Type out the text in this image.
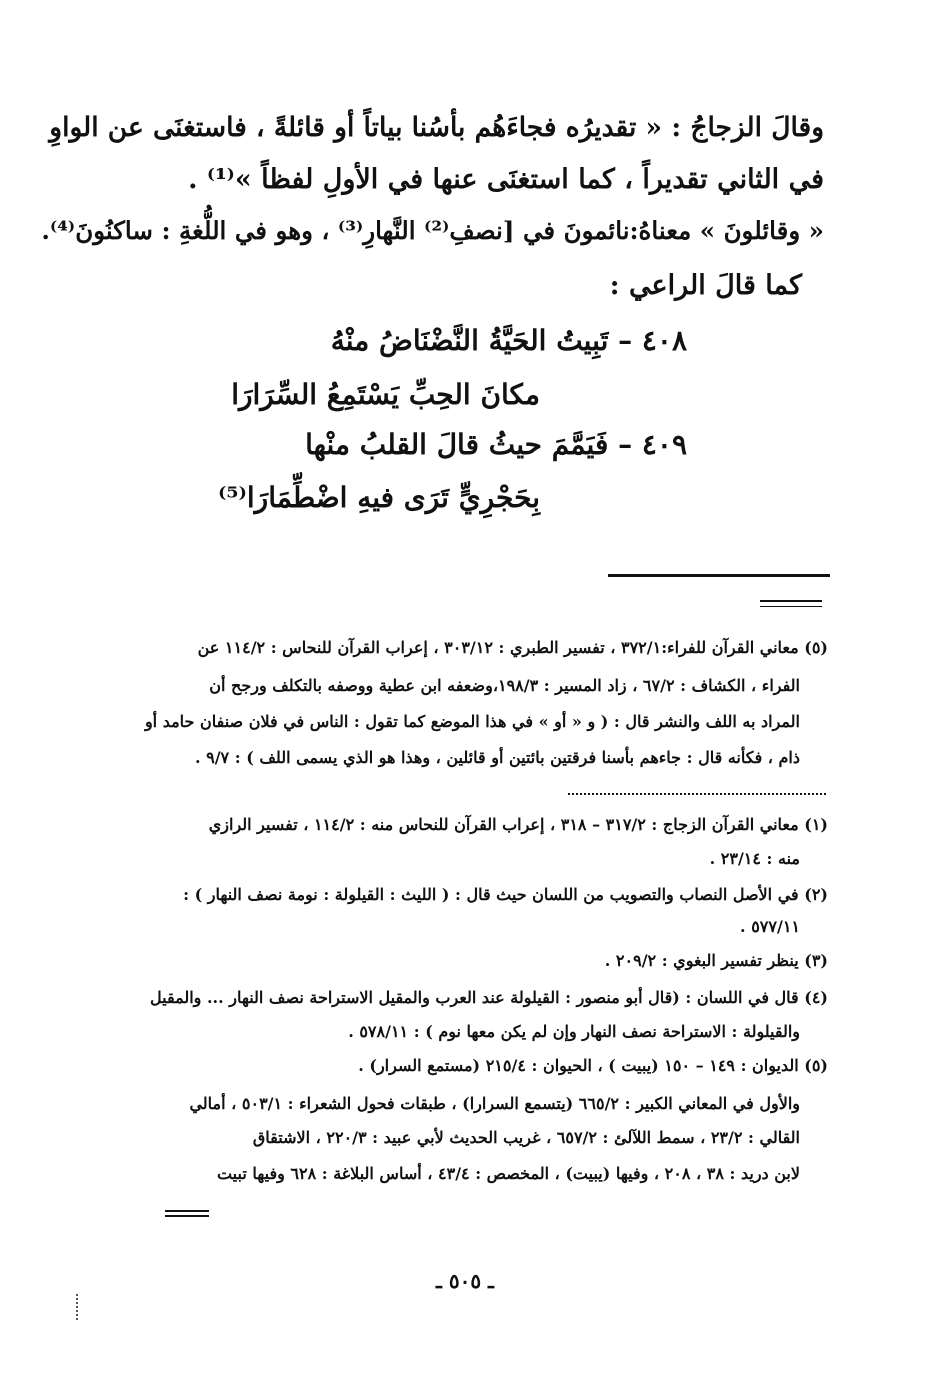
وقالَ الزجاجُ : « تقديرُه فجاءَهُم بأسُنا بياتاً أو قائلةً ، فاستغنَى عن الواوِ
في الثاني تقديراً ، كما استغنَى عنها في الأولِ لفظاً »⁽¹⁾ .
« وقائلونَ » معناهُ:نائمونَ في [نصفِ⁽²⁾ النَّهارِ⁽³⁾ ، وهو في اللُّغةِ : ساكنُونَ⁽⁴⁾.
كما قالَ الراعي :
٤٠٨ – تَبِيتُ الحَيَّةُ النَّضْنَاضُ منْهُ
مكانَ الحِبِّ يَسْتَمِعُ السِّرَارَا
٤٠٩ – فَيَمَّمَ حيثُ قالَ القلبُ منْها
بِحَجْرِيٍّ تَرَى فيهِ اضْطِّمَارَا⁽⁵⁾
(٥) معاني القرآن للفراء:٣٧٢/١ ، تفسير الطبري : ٣٠٣/١٢ ، إعراب القرآن للنحاس : ١١٤/٢ عن
الفراء ، الكشاف : ٦٧/٢ ، زاد المسير : ١٩٨/٣،وضعفه ابن عطية ووصفه بالتكلف ورجح أن
المراد به اللف والنشر قال : ( و « أو » في هذا الموضع كما تقول : الناس في فلان صنفان حامد أو
ذام ، فكأنه قال : جاءهم بأسنا فرقتين بائتين أو قائلين ، وهذا هو الذي يسمى اللف ) : ٩/٧ .
(١) معاني القرآن الزجاج : ٣١٧/٢ – ٣١٨ ، إعراب القرآن للنحاس منه : ١١٤/٢ ، تفسير الرازي
منه : ٢٣/١٤ .
(٢) في الأصل النصاب والتصويب من اللسان حيث قال : ( الليث : القيلولة : نومة نصف النهار ) :
٥٧٧/١١ .
(٣) ينظر تفسير البغوي : ٢٠٩/٢ .
(٤) قال في اللسان : (قال أبو منصور : القيلولة عند العرب والمقيل الاستراحة نصف النهار ... والمقيل
والقيلولة : الاستراحة نصف النهار وإن لم يكن معها نوم ) : ٥٧٨/١١ .
(٥) الديوان : ١٤٩ – ١٥٠ (يبيت ) ، الحيوان : ٢١٥/٤ (مستمع السرار) .
والأول في المعاني الكبير : ٦٦٥/٢ (يتسمع السرارا) ، طبقات فحول الشعراء : ٥٠٣/١ ، أمالي
القالي : ٢٣/٢ ، سمط اللآلئ : ٦٥٧/٢ ، غريب الحديث لأبي عبيد : ٢٢٠/٣ ، الاشتقاق
لابن دريد : ٣٨ ، ٢٠٨ ، وفيها (يبيت) ، المخصص : ٤٣/٤ ، أساس البلاغة : ٦٢٨ وفيها تبيت
ـ ٥٠٥ ـ
